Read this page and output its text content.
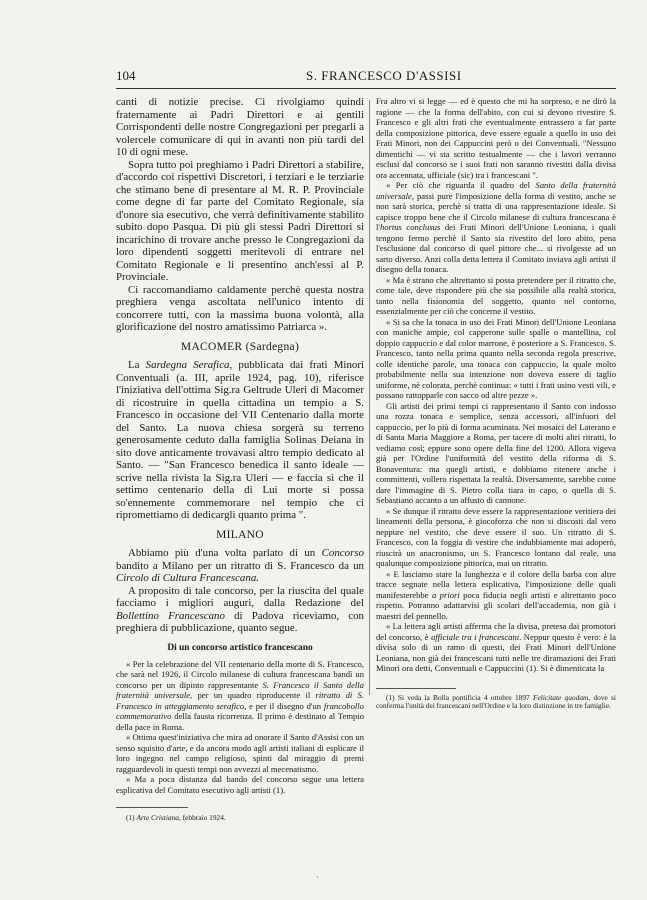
104	S. FRANCESCO D'ASSISI

canti di notizie precise. Ci rivolgiamo quindi fraternamente ai Padri Direttori e ai gentili Corrispondenti delle nostre Congregazioni per pregarli a volercele comunicare di qui in avanti non più tardi del 10 di ogni mese.

Sopra tutto poi preghiamo i Padri Direttori a stabilire, d'accordo coi rispettivi Discretori, i terziari e le terziarie che stimano bene di presentare al M. R. P. Provinciale come degne di far parte del Comitato Regionale, sia d'onore sia esecutivo, che verrà definitivamente stabilito subito dopo Pasqua. Di più gli stessi Padri Direttori si incarichino di trovare anche presso le Congregazioni da loro dipendenti soggetti meritevoli di entrare nel Comitato Regionale e li presentino anch'essi al P. Provinciale.

Ci raccomandiamo caldamente perchè questa nostra preghiera venga ascoltata nell'unico intento di concorrere tutti, con la massima buona volontà, alla glorificazione del nostro amatissimo Patriarca ».

MACOMER (Sardegna)

La Sardegna Serafica, pubblicata dai frati Minori Conventuali (a. III, aprile 1924, pag. 10), riferisce l'iniziativa dell'ottima Sig.ra Geltrude Uleri di Macomer di ricostruire in quella cittadina un tempio a S. Francesco in occasione del VII Centenario dalla morte del Santo. La nuova chiesa sorgerà su terreno generosamente ceduto dalla famiglia Solinas Deiana in sito dove anticamente trovavasi altro tempio dedicato al Santo. — "San Francesco benedica il santo ideale — scrive nella rivista la Sig.ra Uleri — e faccia sì che il settimo centenario della di Lui morte si possa so'ennemente commemorare nel tempio che ci ripromettiamo di dedicargli quanto prima ".

MILANO

Abbiamo più d'una volta parlato di un Concorso bandito a Milano per un ritratto di S. Francesco da un Circolo di Cultura Francescana.

A proposito di tale concorso, per la riuscita del quale facciamo i migliori auguri, dalla Redazione del Bollettino Francescano di Padova riceviamo, con preghiera di pubblicazione, quanto segue.

Di un concorso artistico francescano

« Per la celebrazione del VII centenario della morte di S. Francesco, che sarà nel 1926, il Circolo milanese di cultura francescana bandì un concorso per un dipinto rappresentante S. Francesco il Santo della fraternità universale, per un quadro riproducente il ritratto di S. Francesco in atteggiamento serafico, e per il disegno d'un francobollo commemorativo della fausta ricorrenza. Il primo è destinato al Tempio della pace in Roma.

« Ottima quest'iniziativa che mira ad onorare il Santo d'Assisi con un senso squisito d'arte, e da ancora modo agli artisti italiani di esplicare il loro ingegno nel campo religioso, spinti dal miraggio di premi ragguardevoli in questi tempi non avvezzi al mecenatismo.

« Ma a poca distanza dal bando del concorso segue una lettera esplicativa del Comitato esecutivo agli artisti (1).

(1) Arte Cristiana, febbraio 1924.

Fra altro vi si legge — ed è questo che mi ha sorpreso, e ne dirò la ragione — che la forma dell'abito, con cui si devono rivestire S. Francesco e gli altri frati che eventualmente entrassero a far parte della composizione pittorica, deve essere eguale a quello in uso dei Frati Minori, non dei Cappuccini però o dei Conventuali. "Nessuno dimentichi — vi sta scritto testualmente — che i lavori verranno esclusi dal concorso se i suoi frati non saranno rivestiti dalla divisa ora accennata, ufficiale (sic) tra i francescani ".

« Per ciò che riguarda il quadro del Santo della fraternità universale, passi pure l'imposizione della forma di vestito, anche se non sarà storica, perchè si tratta di una rappresentazione ideale. Si capisce troppo bene che il Circolo milanese di cultura francescana è l'hortus conclusus dei Frati Minori dell'Unione Leoniana, i quali tengono fermo perchè il Santo sia rivestito del loro abito, pena l'esclusione dal concorso di quel pittore che... si rivolgesse ad un sarto diverso. Anzi colla detta lettera il Comitato inviava agli artisti il disegno della tonaca.

« Ma è strano che altrettanto si possa pretendere per il ritratto che, come tale, deve rispondere più che sia possibile alla realtà storica, tanto nella fisionomia del soggetto, quanto nel contorno, essenzialmente per ciò che concerne il vestito.

« Si sa che la tonaca in uso dei Frati Minori dell'Unione Leoniana con maniche ampie, col capperone sulle spalle o mantellina, col doppio cappuccio e dal color marrone, è posteriore a S. Francesco. S. Francesco, tanto nella prima quanto nella seconda regola prescrive, colle identiche parole, una tonaca con cappuccio, la quale molto probabilmente nella sua intenzione non doveva essere di taglio uniforme, nè colorata, perchè continua: « tutti i frati usino vesti vili, e possano rattopparle con sacco od altre pezze ».

Gli artisti dei primi tempi ci rappresentano il Santo con indosso una rozza tonaca e semplice, senza accessori, all'infuori del cappuccio, per lo più di forma acuminata. Nei mosaici del Laterano e di Santa Maria Maggiore a Roma, per tacere di molti altri ritratti, lo vediamo così; eppure sono opere della fine del 1200. Allora vigeva già per l'Ordine l'uniformità del vestito della riforma di S. Bonaventura: ma quegli artisti, e dobbiamo ritenere anche i committenti, vollero rispettata la realtà. Diversamente, sarebbe come dare l'immagine di S. Pietro colla tiara in capo, o quella di S. Sebastiano accanto a un affusto di cannone.

« Se dunque il ritratto deve essere la rappresentazione veritiera dei lineamenti della persona, è giocoforza che non si discosti dal vero neppure nel vestito, che deve essere il suo. Un ritratto di S. Francesco, con la foggia di vestire che indubbiamente mai adoperò, riuscirà un anacronismo, un S. Francesco lontano dal reale, una qualunque composizione pittorica, mai un ritratto.

« E lasciamo stare la lunghezza e il colore della barba con altre tracce segnate nella lettera esplicativa, l'imposizione delle quali manifesterebbe a priori poca fiducia negli artisti e altrettanto poco rispetto. Potranno adattarvisi gli scolari dell'accademia, non già i maestri del pennello.

« La lettera agli artisti afferma che la divisa, pretesa dai promotori del concorso, è ufficiale tra i francescani. Neppur questo è vero: è la divisa solo di un ramo di questi, dei Frati Minori dell'Unione Leoniana, non già dei francescani tutti nelle tre diramazioni dei Frati Minori ora detti, Conventuali e Cappuccini (1). Si è dimenticata la

(1) Si veda la Bolla pontificia 4 ottobre 1897 Felicitate quodam, dove si conferma l'unità dei francescani nell'Ordine e la loro distinzione in tre famiglie.

·
